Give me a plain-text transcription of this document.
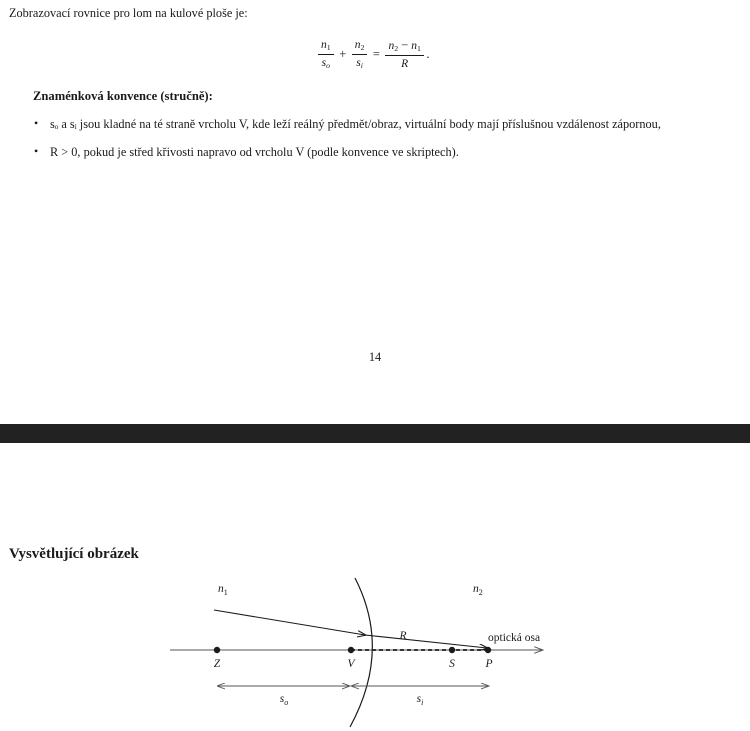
Zobrazovací rovnice pro lom na kulové ploše je:
$\frac{n_1}{s_o} + \frac{n_2}{s_i} = \frac{n_2 - n_1}{R}$ .
Znaménková konvence (stručně):
• sₒ a sᵢ jsou kladné na té straně vrcholu V, kde leží reálný předmět/obraz, virtuální body mají příslušnou vzdálenost zápornou,
• R > 0, pokud je střed křivosti napravo od vrcholu V (podle konvence ve skriptech).
14
Vysvětlující obrázek
Z	V	S	P
$n_1$	$n_2$
R	optická osa
$s_o$	$s_i$
